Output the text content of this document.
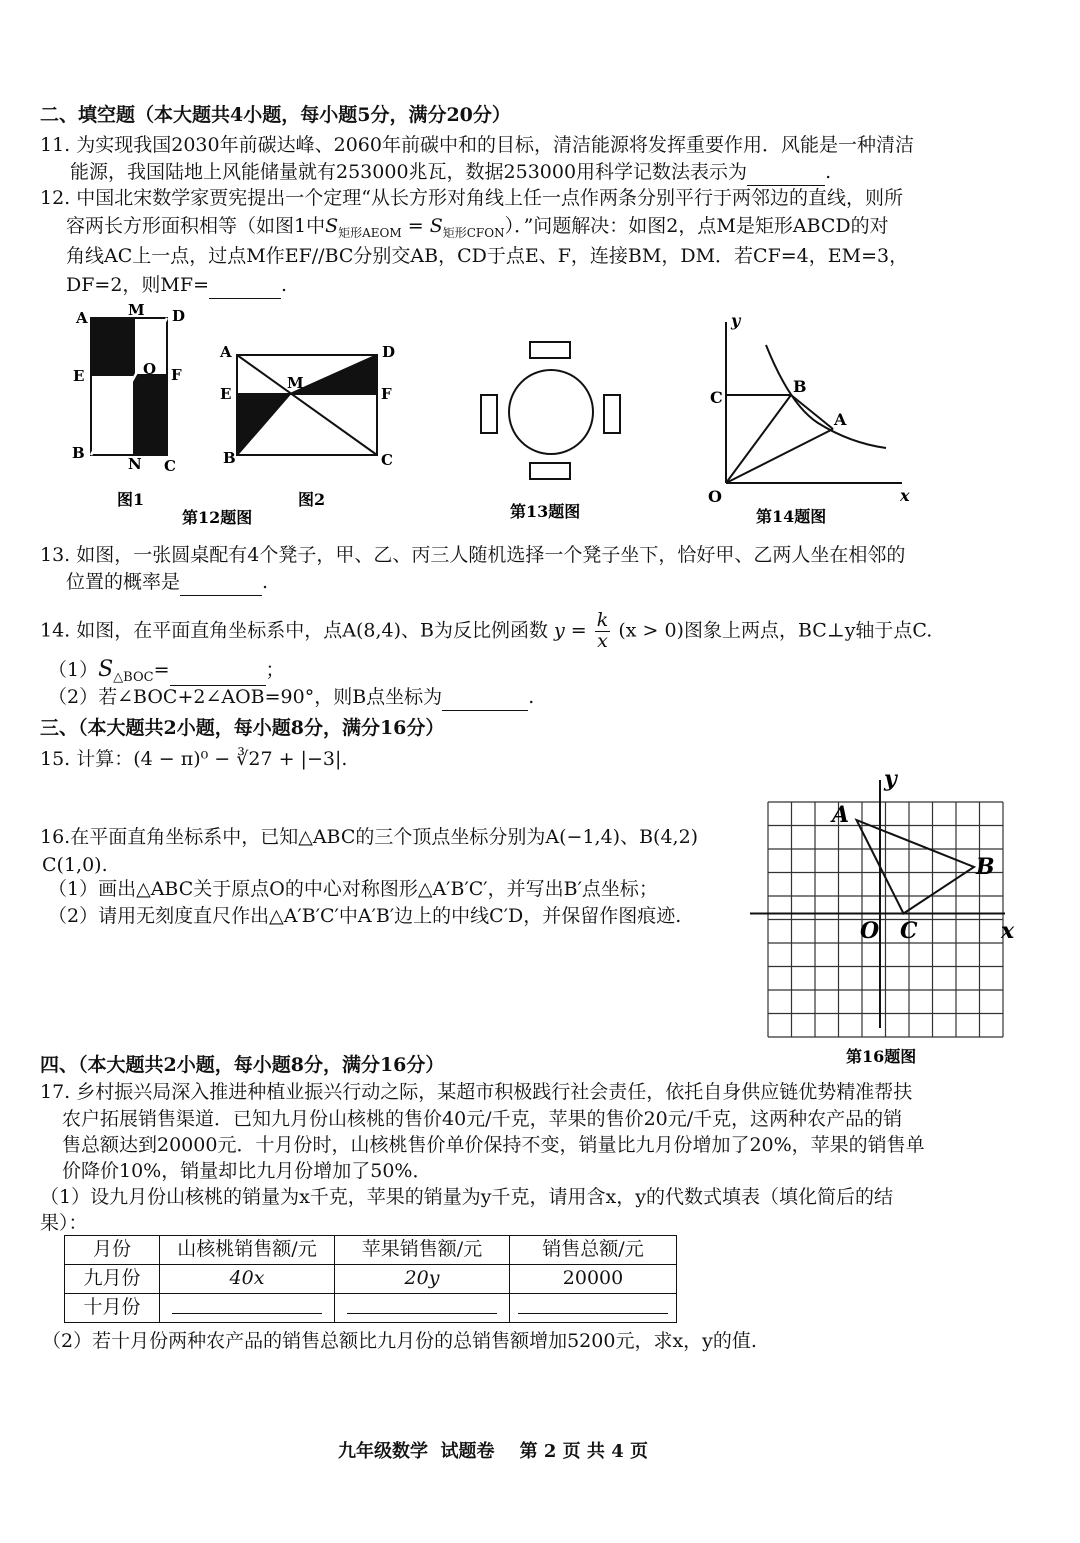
二、填空题（本大题共4小题，每小题5分，满分20分）
11. 为实现我国2030年前碳达峰、2060年前碳中和的目标，清洁能源将发挥重要作用．风能是一种清洁
能源，我国陆地上风能储量就有253000兆瓦，数据253000用科学记数法表示为	.
12. 中国北宋数学家贾宪提出一个定理“从长方形对角线上任一点作两条分别平行于两邻边的直线，则所
容两长方形面积相等（如图1中$S_{矩形AEOM} = S_{矩形CFON}$）．”问题解决：如图2，点M是矩形ABCD的对
角线AC上一点，过点M作EF//BC分别交AB，CD于点E、F，连接BM，DM．若CF=4，EM=3，
DF=2，则MF=	.
A	M D
E	O F
B
N C
图1
A	D
E
M
F
B	C
图2
第12题图	第13题图
y
C
B
A
O	x
第14题图
13. 如图，一张圆桌配有4个凳子，甲、乙、丙三人随机选择一个凳子坐下，恰好甲、乙两人坐在相邻的
位置的概率是	.
14. 如图，在平面直角坐标系中，点A(8,4)、B为反比例函数 $y = \frac{k}{x} (x > 0)$图象上两点，BC⊥y轴于点C.
$(1)S_{\triangle BOC}=$	；
（2）若∠BOC+2∠AOB=90°，则B点坐标为	.
三、（本大题共2小题，每小题8分，满分16分）
15. 计算：(4 − π)⁰ − ∛27 + |−3|.
16.在平面直角坐标系中，已知△ABC的三个顶点坐标分别为A(−1,4)、B(4,2)
C(1,0).
（1）画出△ABC关于原点O的中心对称图形△A′B′C′，并写出B′点坐标；
（2）请用无刻度直尺作出△A′B′C′中A′B′边上的中线C′D，并保留作图痕迹.
y
A
B
O C	x
第16题图
四、（本大题共2小题，每小题8分，满分16分）
17. 乡村振兴局深入推进种植业振兴行动之际，某超市积极践行社会责任，依托自身供应链优势精准帮扶
农户拓展销售渠道．已知九月份山核桃的售价40元/千克，苹果的售价20元/千克，这两种农产品的销
售总额达到20000元．十月份时，山核桃售价单价保持不变，销量比九月份增加了20%，苹果的销售单
价降价10%，销量却比九月份增加了50%．
（1）设九月份山核桃的销量为x千克，苹果的销量为y千克，请用含x，y的代数式填表（填化简后的结
果）：
月份	山核桃销售额/元	苹果销售额/元	销售总额/元
九月份	40x	20y	20000
十月份			
（2）若十月份两种农产品的销售总额比九月份的总销售额增加5200元，求x，y的值.
九年级数学  试题卷    第 2 页 共 4 页
